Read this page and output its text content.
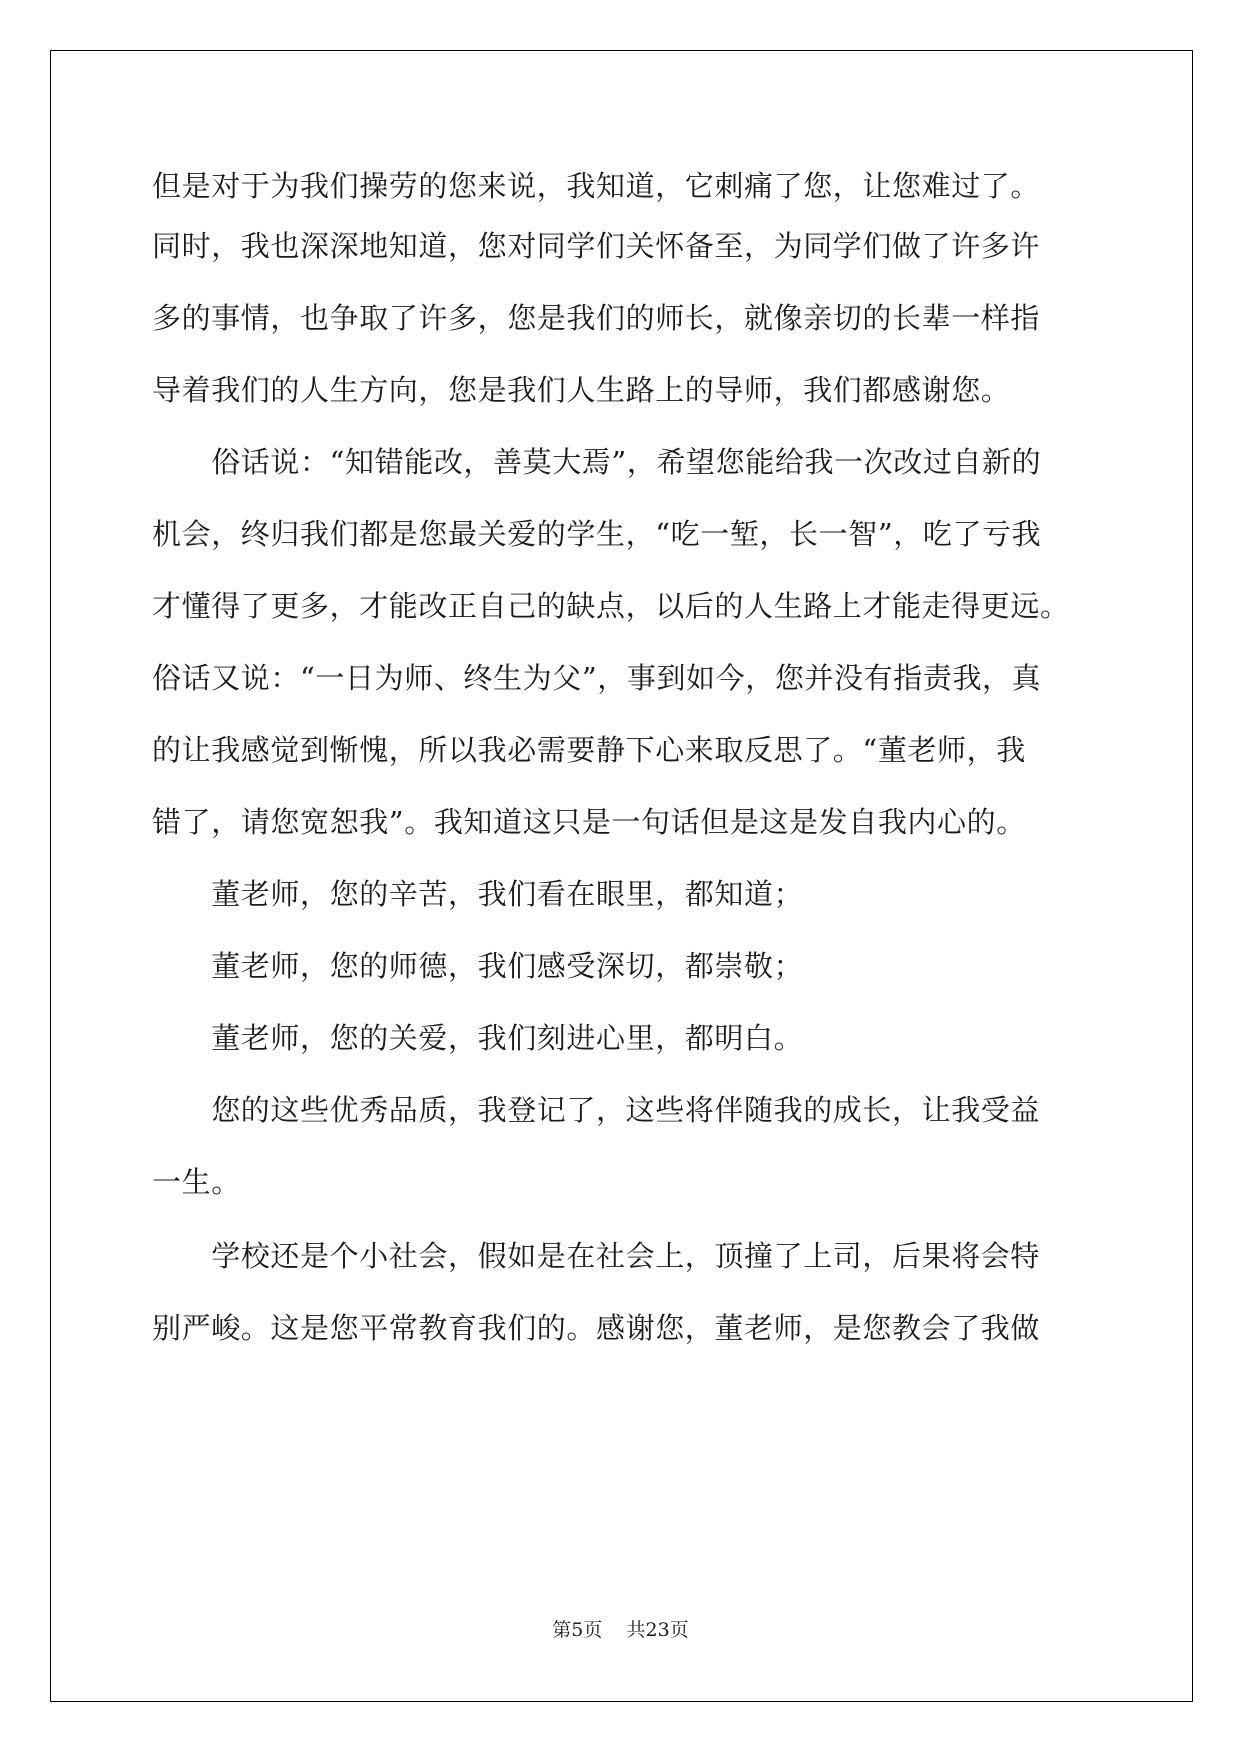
但是对于为我们操劳的您来说，我知道，它刺痛了您，让您难过了。
同时，我也深深地知道，您对同学们关怀备至，为同学们做了许多许
多的事情，也争取了许多，您是我们的师长，就像亲切的长辈一样指
导着我们的人生方向，您是我们人生路上的导师，我们都感谢您。
　　俗话说：“知错能改，善莫大焉”，希望您能给我一次改过自新的
机会，终归我们都是您最关爱的学生，“吃一堑，长一智”，吃了亏我
才懂得了更多，才能改正自己的缺点，以后的人生路上才能走得更远。
俗话又说：“一日为师、终生为父”，事到如今，您并没有指责我，真
的让我感觉到惭愧，所以我必需要静下心来取反思了。“董老师，我
错了，请您宽恕我”。我知道这只是一句话但是这是发自我内心的。
　　董老师，您的辛苦，我们看在眼里，都知道；
　　董老师，您的师德，我们感受深切，都崇敬；
　　董老师，您的关爱，我们刻进心里，都明白。
　　您的这些优秀品质，我登记了，这些将伴随我的成长，让我受益
一生。
　　学校还是个小社会，假如是在社会上，顶撞了上司，后果将会特
别严峻。这是您平常教育我们的。感谢您，董老师，是您教会了我做
第5页 共23页
